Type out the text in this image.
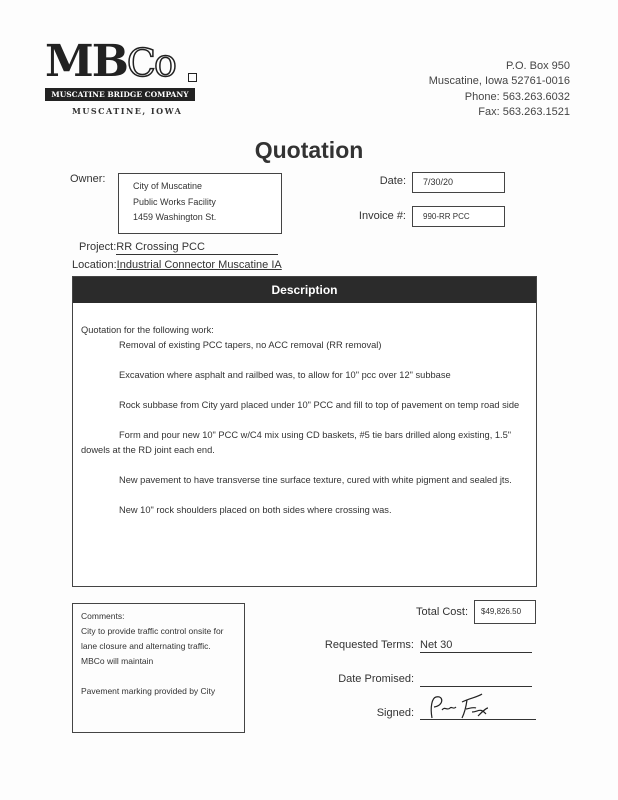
MBCo
MUSCATINE BRIDGE COMPANY
MUSCATINE, IOWA
P.O. Box 950
Muscatine, Iowa 52761-0016
Phone: 563.263.6032
Fax: 563.263.1521
Quotation
Owner:
City of Muscatine
Public Works Facility
1459 Washington St.
Date:	7/30/20
Invoice #:	990-RR PCC
Project:RR Crossing PCC
Location:Industrial Connector Muscatine IA
Description

Quotation for the following work:

Removal of existing PCC tapers, no ACC removal (RR removal)

Excavation where asphalt and railbed was, to allow for 10" pcc over 12" subbase

Rock subbase from City yard placed under 10" PCC and fill to top of pavement on temp road side

Form and pour new 10" PCC w/C4 mix using CD baskets, #5 tie bars drilled along existing, 1.5" dowels at the RD joint each end.

New pavement to have transverse tine surface texture, cured with white pigment and sealed jts.

New 10" rock shoulders placed on both sides where crossing was.

Comments:
City to provide traffic control onsite for lane closure and alternating traffic. MBCo will maintain
Pavement marking provided by City
Total Cost:	$49,826.50
Requested Terms: Net 30
Date Promised:
Signed:
